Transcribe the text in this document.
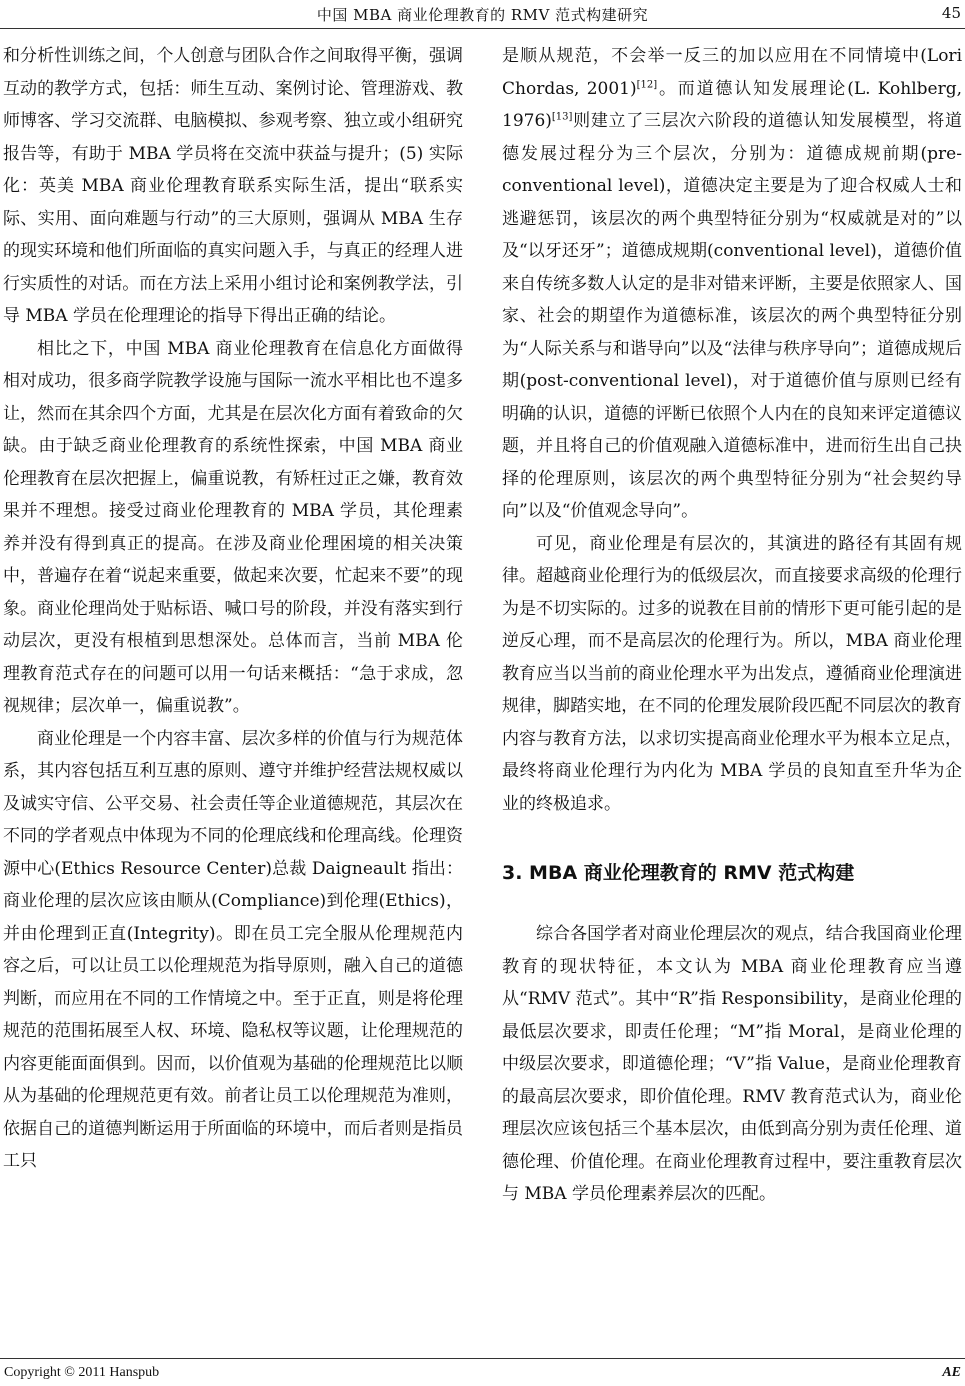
中国 MBA 商业伦理教育的 RMV 范式构建研究	45

和分析性训练之间，个人创意与团队合作之间取得平衡，强调互动的教学方式，包括：师生互动、案例讨论、管理游戏、教师博客、学习交流群、电脑模拟、参观考察、独立或小组研究报告等，有助于 MBA 学员将在交流中获益与提升；(5) 实际化：英美 MBA 商业伦理教育联系实际生活，提出“联系实际、实用、面向难题与行动”的三大原则，强调从 MBA 生存的现实环境和他们所面临的真实问题入手，与真正的经理人进行实质性的对话。而在方法上采用小组讨论和案例教学法，引导 MBA 学员在伦理理论的指导下得出正确的结论。

相比之下，中国 MBA 商业伦理教育在信息化方面做得相对成功，很多商学院教学设施与国际一流水平相比也不遑多让，然而在其余四个方面，尤其是在层次化方面有着致命的欠缺。由于缺乏商业伦理教育的系统性探索，中国 MBA 商业伦理教育在层次把握上，偏重说教，有矫枉过正之嫌，教育效果并不理想。接受过商业伦理教育的 MBA 学员，其伦理素养并没有得到真正的提高。在涉及商业伦理困境的相关决策中，普遍存在着“说起来重要，做起来次要，忙起来不要”的现象。商业伦理尚处于贴标语、喊口号的阶段，并没有落实到行动层次，更没有根植到思想深处。总体而言，当前 MBA 伦理教育范式存在的问题可以用一句话来概括：“急于求成，忽视规律；层次单一，偏重说教”。

商业伦理是一个内容丰富、层次多样的价值与行为规范体系，其内容包括互利互惠的原则、遵守并维护经营法规权威以及诚实守信、公平交易、社会责任等企业道德规范，其层次在不同的学者观点中体现为不同的伦理底线和伦理高线。伦理资源中心(Ethics Resource Center)总裁 Daigneault 指出：商业伦理的层次应该由顺从(Compliance)到伦理(Ethics)，并由伦理到正直(Integrity)。即在员工完全服从伦理规范内容之后，可以让员工以伦理规范为指导原则，融入自己的道德判断，而应用在不同的工作情境之中。至于正直，则是将伦理规范的范围拓展至人权、环境、隐私权等议题，让伦理规范的内容更能面面俱到。因而，以价值观为基础的伦理规范比以顺从为基础的伦理规范更有效。前者让员工以伦理规范为准则，依据自己的道德判断运用于所面临的环境中，而后者则是指员工只

是顺从规范，不会举一反三的加以应用在不同情境中(Lori Chordas, 2001)[12]。而道德认知发展理论(L. Kohlberg, 1976)[13]则建立了三层次六阶段的道德认知发展模型，将道德发展过程分为三个层次，分别为：道德成规前期(pre-conventional level)，道德决定主要是为了迎合权威人士和逃避惩罚，该层次的两个典型特征分别为“权威就是对的”以及“以牙还牙”；道德成规期(conventional level)，道德价值来自传统多数人认定的是非对错来评断，主要是依照家人、国家、社会的期望作为道德标准，该层次的两个典型特征分别为“人际关系与和谐导向”以及“法律与秩序导向”；道德成规后期(post-conventional level)，对于道德价值与原则已经有明确的认识，道德的评断已依照个人内在的良知来评定道德议题，并且将自己的价值观融入道德标准中，进而衍生出自己抉择的伦理原则，该层次的两个典型特征分别为“社会契约导向”以及“价值观念导向”。

可见，商业伦理是有层次的，其演进的路径有其固有规律。超越商业伦理行为的低级层次，而直接要求高级的伦理行为是不切实际的。过多的说教在目前的情形下更可能引起的是逆反心理，而不是高层次的伦理行为。所以，MBA 商业伦理教育应当以当前的商业伦理水平为出发点，遵循商业伦理演进规律，脚踏实地，在不同的伦理发展阶段匹配不同层次的教育内容与教育方法，以求切实提高商业伦理水平为根本立足点，最终将商业伦理行为内化为 MBA 学员的良知直至升华为企业的终极追求。

3. MBA 商业伦理教育的 RMV 范式构建

综合各国学者对商业伦理层次的观点，结合我国商业伦理教育的现状特征，本文认为 MBA 商业伦理教育应当遵从“RMV 范式”。其中“R”指 Responsibility，是商业伦理的最低层次要求，即责任伦理；“M”指 Moral，是商业伦理的中级层次要求，即道德伦理；“V”指 Value，是商业伦理教育的最高层次要求，即价值伦理。RMV 教育范式认为，商业伦理层次应该包括三个基本层次，由低到高分别为责任伦理、道德伦理、价值伦理。在商业伦理教育过程中，要注重教育层次与 MBA 学员伦理素养层次的匹配。

Copyright © 2011 Hanspub	AE
